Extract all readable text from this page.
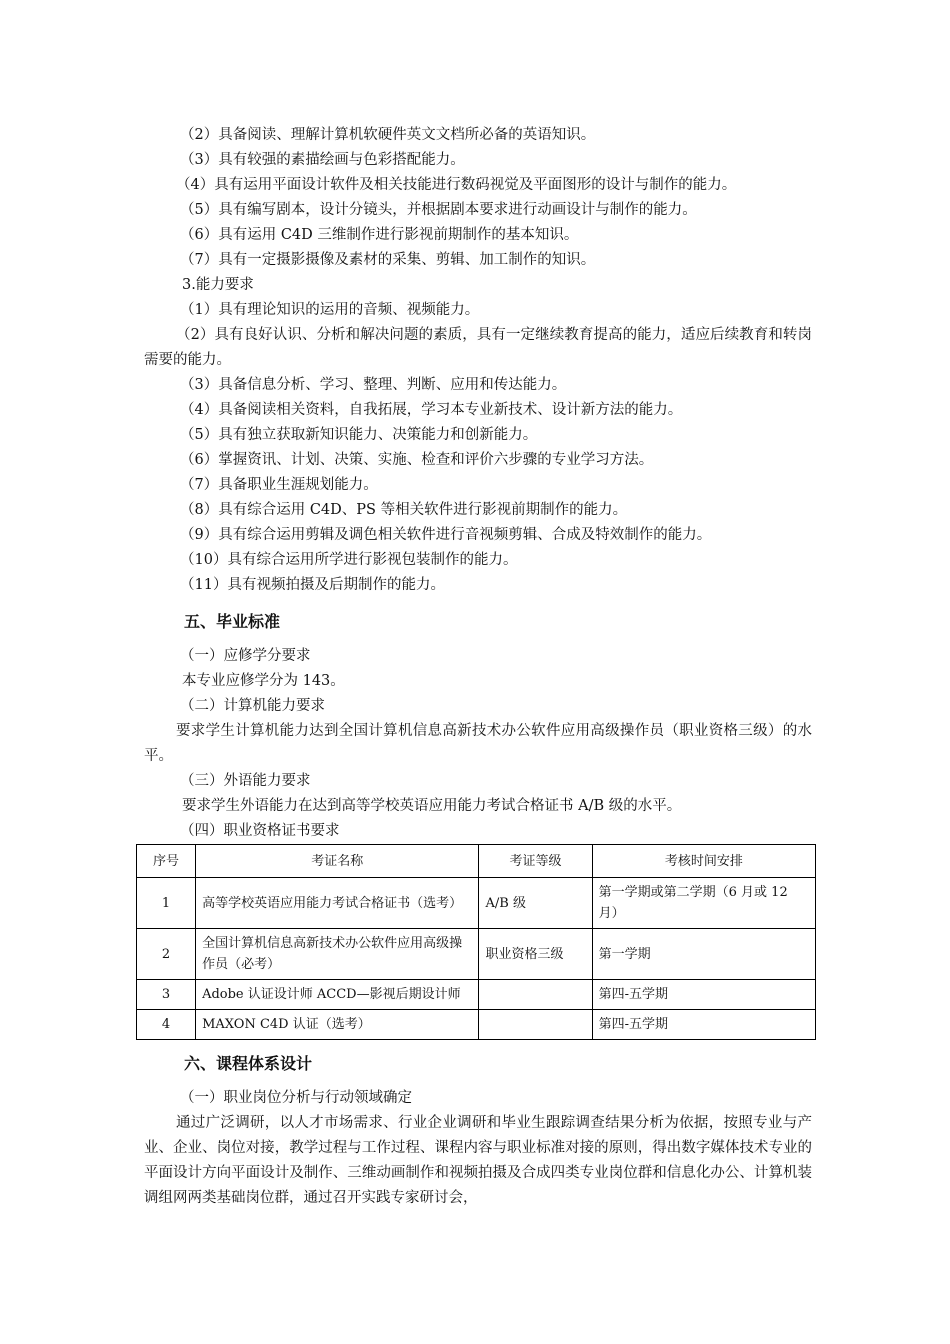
（2）具备阅读、理解计算机软硬件英文文档所必备的英语知识。

（3）具有较强的素描绘画与色彩搭配能力。

（4）具有运用平面设计软件及相关技能进行数码视觉及平面图形的设计与制作的能力。

（5）具有编写剧本，设计分镜头，并根据剧本要求进行动画设计与制作的能力。

（6）具有运用 C4D 三维制作进行影视前期制作的基本知识。

（7）具有一定摄影摄像及素材的采集、剪辑、加工制作的知识。

3.能力要求

（1）具有理论知识的运用的音频、视频能力。

（2）具有良好认识、分析和解决问题的素质，具有一定继续教育提高的能力，适应后续教育和转岗需要的能力。

（3）具备信息分析、学习、整理、判断、应用和传达能力。

（4）具备阅读相关资料，自我拓展，学习本专业新技术、设计新方法的能力。

（5）具有独立获取新知识能力、决策能力和创新能力。

（6）掌握资讯、计划、决策、实施、检查和评价六步骤的专业学习方法。

（7）具备职业生涯规划能力。

（8）具有综合运用 C4D、PS 等相关软件进行影视前期制作的能力。

（9）具有综合运用剪辑及调色相关软件进行音视频剪辑、合成及特效制作的能力。

（10）具有综合运用所学进行影视包装制作的能力。

（11）具有视频拍摄及后期制作的能力。

五、毕业标准

（一）应修学分要求

本专业应修学分为 143。

（二）计算机能力要求

要求学生计算机能力达到全国计算机信息高新技术办公软件应用高级操作员（职业资格三级）的水平。

（三）外语能力要求

要求学生外语能力在达到高等学校英语应用能力考试合格证书 A/B 级的水平。

（四）职业资格证书要求

序号	考证名称	考证等级	考核时间安排
1	高等学校英语应用能力考试合格证书（选考）	A/B 级	第一学期或第二学期（6 月或 12 月）
2	全国计算机信息高新技术办公软件应用高级操作员（必考）	职业资格三级	第一学期
3	Adobe 认证设计师 ACCD—影视后期设计师		第四-五学期
4	MAXON C4D 认证（选考）		第四-五学期
六、课程体系设计

（一）职业岗位分析与行动领域确定

通过广泛调研，以人才市场需求、行业企业调研和毕业生跟踪调查结果分析为依据，按照专业与产业、企业、岗位对接，教学过程与工作过程、课程内容与职业标准对接的原则，得出数字媒体技术专业的平面设计方向平面设计及制作、三维动画制作和视频拍摄及合成四类专业岗位群和信息化办公、计算机装调组网两类基础岗位群，通过召开实践专家研讨会，
